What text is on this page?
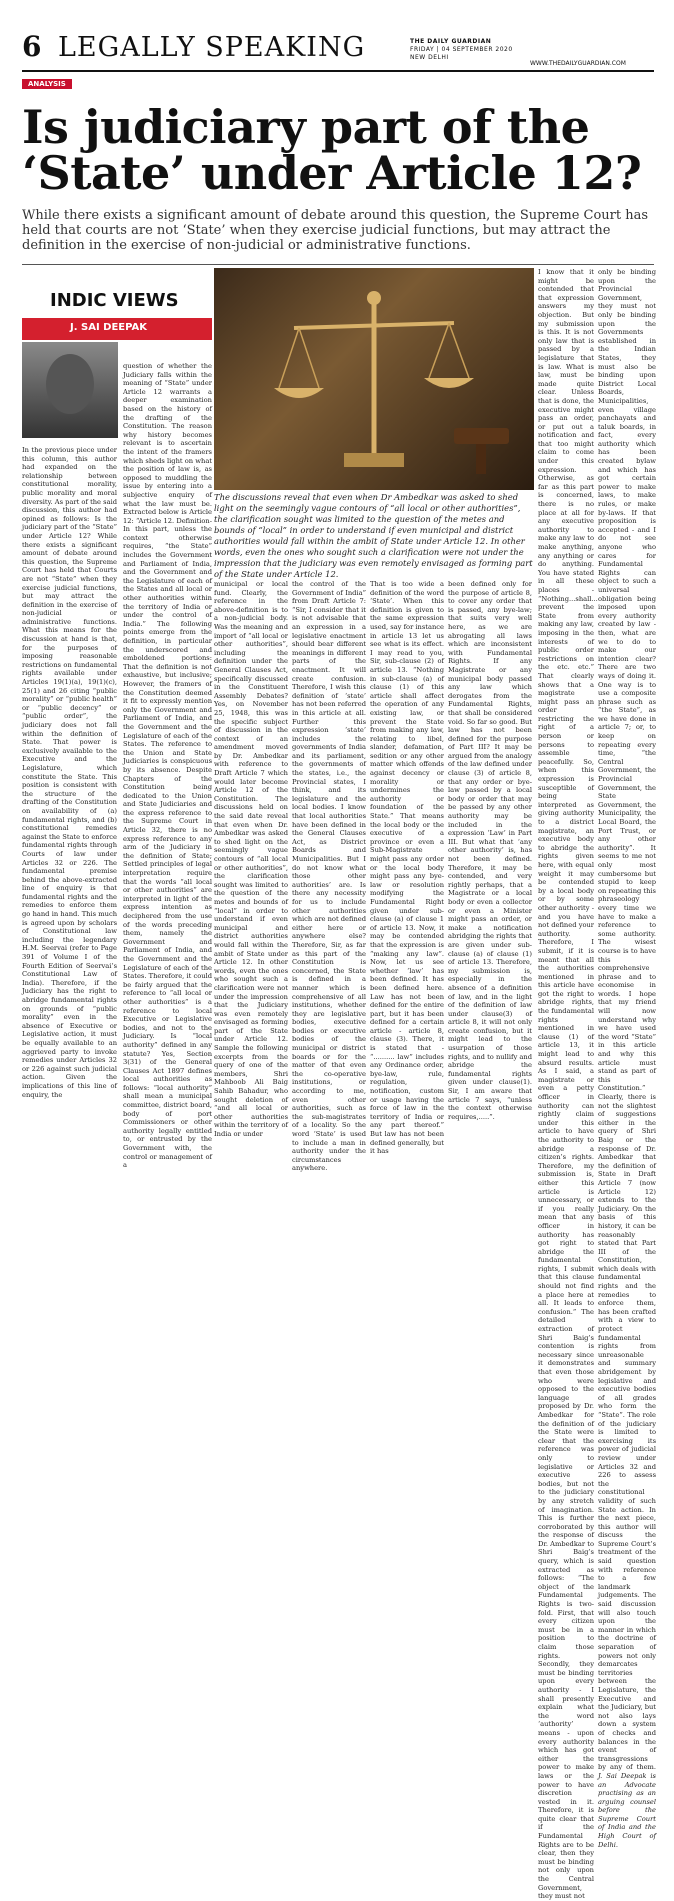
6 LEGALLY SPEAKING	THE DAILY GUARDIAN
FRIDAY | 04 SEPTEMBER 2020
NEW DELHI
WWW.THEDAILYGUARDIAN.COM
ANALYSIS
Is judiciary part of the ‘State’ under Article 12?
While there exists a significant amount of debate around this question, the Supreme Court has held that courts are not ‘State’ when they exercise judicial functions, but may attract the definition in the exercise of non-judicial or administrative functions.
INDIC VIEWS
J. SAI DEEPAK
The discussions reveal that even when Dr Ambedkar was asked to shed light on the seemingly vague contours of “all local or other authorities”, the clarification sought was limited to the question of the metes and bounds of “local” in order to understand if even municipal and district authorities would fall within the ambit of State under Article 12. In other words, even the ones who sought such a clarification were not under the impression that the judiciary was even remotely envisaged as forming part of the State under Article 12.
In the previous piece under this column, this author had expanded on the relationship between constitutional morality, public morality and moral diversity. As part of the said discussion, this author had opined as follows: Is the judiciary part of the “State” under Article 12? While there exists a significant amount of debate around this question, the Supreme Court has held that Courts are not “State” when they exercise judicial functions, but may attract the definition in the exercise of non-judicial or administrative functions. What this means for the discussion at hand is that, for the purposes of imposing reasonable restrictions on fundamental rights available under Articles 19(1)(a), 19(1)(c), 25(1) and 26 citing “public morality” or “public health” or “public decency” or “public order”, the judiciary does not fall within the definition of State. That power is exclusively available to the Executive and the Legislature, which constitute the State. This position is consistent with the structure of the drafting of the Constitution on availability of (a) fundamental rights, and (b) constitutional remedies against the State to enforce fundamental rights through Courts of law under Articles 32 or 226. The fundamental premise behind the above-extracted line of enquiry is that fundamental rights and the remedies to enforce them go hand in hand. This much is agreed upon by scholars of Constitutional law including the legendary H.M. Seervai (refer to Page 391 of Volume I of the Fourth Edition of Seervai’s Constitutional Law of India). Therefore, if the Judiciary has the right to abridge fundamental rights on grounds of “public morality” even in the absence of Executive or Legislative action, it must be equally available to an aggrieved party to invoke remedies under Articles 32 or 226 against such judicial action. Given the implications of this line of enquiry, the
question of whether the Judiciary falls within the meaning of “State” under Article 12 warrants a deeper examination based on the history of the drafting of the Constitution. The reason why history becomes relevant is to ascertain the intent of the framers which sheds light on what the position of law is, as opposed to muddling the issue by entering into a subjective enquiry of what the law must be. Extracted below is Article 12: “Article 12. Definition- In this part, unless the context otherwise requires, “the State” includes the Government and Parliament of India, and the Government and the Legislature of each of the States and all local or other authorities within the territory of India or under the control of India.” The following points emerge from the definition, in particular the underscored and emboldened portions: That the definition is not exhaustive, but inclusive; However, the framers of the Constitution deemed it fit to expressly mention only the Government and Parliament of India, and the Government and the Legislature of each of the States. The reference to the Union and State Judiciaries is conspicuous by its absence. Despite Chapters of the Constitution being dedicated to the Union and State Judiciaries and the express reference to the Supreme Court in Article 32, there is no express reference to any arm of the Judiciary in the definition of State; Settled principles of legal interpretation require that the words “all local or other authorities” are interpreted in light of the express intention as deciphered from the use of the words preceding them, namely the Government and Parliament of India, and the Government and the Legislature of each of the States. Therefore, it could be fairly argued that the reference to “all local or other authorities” is a reference to local Executive or Legislative bodies, and not to the Judiciary. Is “local authority” defined in any statute? Yes, Section 3(31) of the General Clauses Act 1897 defines local authorities as follows: “local authority” shall mean a municipal committee, district board, body of port Commissioners or other authority legally entitled to, or entrusted by the Government with, the control or management of a
municipal or local fund. Clearly, the reference in the above-definition is to a non-judicial body. Was the meaning and import of “all local or other authorities”, including the definition under the General Clauses Act, specifically discussed in the Constituent Assembly Debates? Yes, on November 25, 1948, this was the specific subject of discussion in the context of an amendment moved by Dr. Ambedkar with reference to Draft Article 7 which would later become Article 12 of the Constitution. The discussions held on the said date reveal that even when Dr. Ambedkar was asked to shed light on the seemingly vague contours of “all local or other authorities”, the clarification sought was limited to the question of the metes and bounds of “local” in order to understand if even municipal and district authorities would fall within the ambit of State under Article 12. In other words, even the ones who sought such a clarification were not under the impression that the Judiciary was even remotely envisaged as forming part of the State under Article 12. Sample the following excerpts from the query of one of the members, Shri Mahboob Ali Baig Sahib Bahadur, who sought deletion of “and all local or other authorities within the territory of India or under
the control of the Government of India” from Draft Article 7: “Sir, I consider that it is not advisable that an expression in a legislative enactment should bear different meanings in different parts of the enactment. It will create confusion. Therefore, I wish this definition of ‘state’ has not been referred in this article at all. Further this expression ‘state’ includes the governments of India and its parliament, the governments of the states, i.e., the Provincial states, I think, and its legislature and the local bodies. I know that local authorities have been defined in the General Clauses Act, as District Boards and Municipalities. But I do not know what those other authorities’ are. Is there any necessity for us to include other authorities which are not defined either here or anywhere else? Therefore, Sir, as far as this part of the Constitution is concerned, the State is defined in a manner which is comprehensive of all institutions, whether they are legislative bodies, executive bodies or executive bodies of the municipal or district boards or for the matter of that even the co-operative institutions, or according to me, even other authorities, such as the sub-magistrates of a locality. So the word ‘State’ is used to include a man in authority under the circumstances anywhere.
That is too wide a definition of the word ‘State’. When this definition is given to the same expression used, say for instance in article 13 let us see what is its effect. I may read to you, Sir, sub-clause (2) of article 13. “Nothing in sub-clause (a) of clause (1) of this article shall affect the operation of any existing law, or prevent the State from making any law, relating to libel, slander, defamation, sedition or any other matter which offends against decency or morality or undermines the authority or foundation of the State.” That means the local body or the executive of a province or even a Sub-Magistrate might pass any order or the local body might pass any bye-law or resolution modifying the Fundamental Right given under sub-clause (a) of clause 1 of article 13. Now, it may be contended that the expression is “making any law”. Now, let us see whether ‘law’ has been defined. It has been defined here. Law has not been defined for the entire part, but it has been defined for a certain article - article 8, clause (3). There, it is stated that - “.......... law” includes any Ordinance order, bye-law, rule, regulation, notification, custom or usage having the force of law in the territory of India or any part thereof.” But law has not been defined generally, but it has
been defined only for the purpose of article 8, to cover any order that is passed, any bye-law; that suits very well here, as we are abrogating all laws which are inconsistent with Fundamental Rights. If any Magistrate or any municipal body passed any law which derogates from the Fundamental Rights, that shall be considered void. So far so good. But law has not been defined for the purpose of Part III? It may be argued from the analogy of the law defined under clause (3) of article 8, that any order or bye-law passed by a local body or order that may be passed by any other authority may be included in the expression ‘Law’ in Part III. But what that ‘any other authority’ is, has not been defined. Therefore, it may be contended, and very rightly perhaps, that a Magistrate or a local body or even a collector or even a Minister might pass an order, or make a notification abridging the rights that are given under sub-clause (a) of clause (1) of article 13. Therefore, my submission is, especially in the absence of a definition of law, and in the light of the definition of law under clause(3) of article 8, it will not only create confusion, but it might lead to the usurpation of those rights, and to nullify and abridge the fundamental rights given under clause(1). Sir, I am aware that article 7 says, “unless the context otherwise requires,.....”.
I know that it might be contended that that expression answers my objection. But my submission is this. It is not only law that is passed by a legislature that is law. What is law, must be made quite clear. Unless that is done, the executive might pass an order, or put out a notification and that too might claim to come under this expression. Otherwise, as far as this part is concerned, there is no place at all for any executive authority to make any law to make anything, any anything or do anything. You have stated in all these places - “Nothing...shall... prevent the State from making any law, imposing in the interests of public order restrictions on the etc. etc.” That clearly shows that a magistrate might pass an order restricting the right of a person or persons to assemble peacefully. So, when this expression is susceptible of being interpreted as giving authority to a district magistrate, an executive body to abridge the rights given here, with equal weight it may be contended by a local body or by some other authority - and you have not defined your authority. Therefore, I submit, if it is meant that all the authorities mentioned in this article have got the right to abridge rights, the fundamental rights mentioned in clause (1) of article 13, it might lead to absurd results. As I said, a magistrate or even a petty officer in authority can rightly claim under this article to have the authority to abridge a citizen’s rights. Therefore, my submission is, either this article is unnecessary, or if you really mean that any officer in authority has got right to abridge the fundamental rights, I submit that this clause should not find a place here at all. It leads to confusion.” The detailed extraction of Shri Baig’s contention is necessary since it demonstrates that even those who were opposed to the language proposed by Dr. Ambedkar for the definition of the State were clear that the reference was only to legislative or executive bodies, but not to the judiciary by any stretch of imagination. This is further corroborated by the response of Dr. Ambedkar to Shri Baig’s query, which is extracted as follows: “The object of the Fundamental Rights is two-fold. First, that every citizen must be in a position to claim those rights. Secondly, they must be binding upon every authority - I shall presently explain what the word ‘authority’ means - upon every authority which has got either the power to make laws or the power to have discretion vested in it. Therefore, it is quite clear that if the Fundamental Rights are to be clear, then they must be binding not only upon the Central Government, they must not
only be binding upon the Provincial Government, they must not only be binding upon the Governments established in the Indian States, they must also be binding upon District Local Boards, Municipalities, even village panchayats and taluk boards, in fact, every authority which has been created bylaw and which has got certain power to make laws, to make rules, or make by-laws. If that proposition is accepted - and I do not see anyone who cares for Fundamental Rights can object to such a universal obligation being imposed upon every authority created by law - then, what are we to do to make our intention clear? There are two ways of doing it. One way is to use a composite phrase such as “the State”, as we have done in article 7; or, to keep on repeating every time, “the Central Government, the Provincial Government, the State Government, the Municipality, the Local Board, the Port Trust, or any other authority”. It seems to me not only most cumbersome but stupid to keep on repeating this phraseology every time we have to make a reference to some authority. The wisest course is to have this comprehensive phrase and to economise in words. I hope that my friend will now understand why we have used the word “State” in this article and why this article must stand as part of this Constitution.” Clearly, there is not the slightest of suggestions either in the query of Shri Baig or the response of Dr. Ambedkar that the definition of State in Draft Article 7 (now Article 12) extends to the Judiciary. On the basis of this history, it can be reasonably stated that Part III of the Constitution, which deals with fundamental rights and the remedies to enforce them, has been crafted with a view to protect fundamental rights from unreasonable and summary abridgement by legislative and executive bodies of all grades who form the “State”. The role of the judiciary is limited to exercising its power of judicial review under Articles 32 and 226 to assess the constitutional validity of such State action. In the next piece, this author will discuss the Supreme Court’s treatment of the said question with reference to a few landmark judgements. The said discussion will also touch upon the manner in which the doctrine of separation of powers not only demarcates territories between the Legislature, the Executive and the Judiciary, but not also lays down a system of checks and balances in the event of transgressions by any of them. J. Sai Deepak is an Advocate practising as an arguing counsel before the Supreme Court of India and the High Court of Delhi.
